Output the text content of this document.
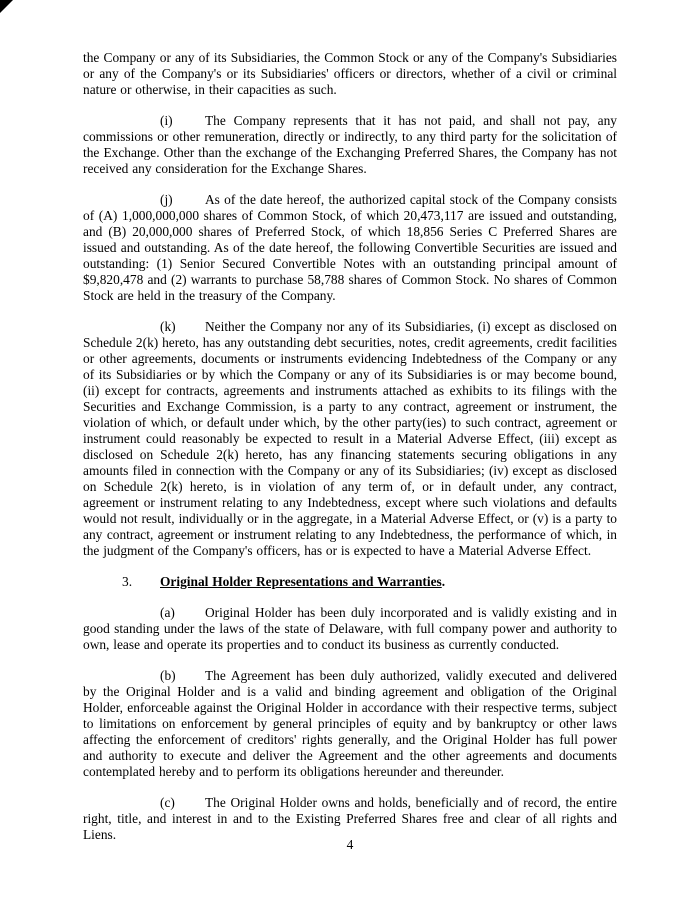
the Company or any of its Subsidiaries, the Common Stock or any of the Company's Subsidiaries or any of the Company's or its Subsidiaries' officers or directors, whether of a civil or criminal nature or otherwise, in their capacities as such.

(i) The Company represents that it has not paid, and shall not pay, any commissions or other remuneration, directly or indirectly, to any third party for the solicitation of the Exchange. Other than the exchange of the Exchanging Preferred Shares, the Company has not received any consideration for the Exchange Shares.

(j) As of the date hereof, the authorized capital stock of the Company consists of (A) 1,000,000,000 shares of Common Stock, of which 20,473,117 are issued and outstanding, and (B) 20,000,000 shares of Preferred Stock, of which 18,856 Series C Preferred Shares are issued and outstanding. As of the date hereof, the following Convertible Securities are issued and outstanding: (1) Senior Secured Convertible Notes with an outstanding principal amount of $9,820,478 and (2) warrants to purchase 58,788 shares of Common Stock. No shares of Common Stock are held in the treasury of the Company.

(k) Neither the Company nor any of its Subsidiaries, (i) except as disclosed on Schedule 2(k) hereto, has any outstanding debt securities, notes, credit agreements, credit facilities or other agreements, documents or instruments evidencing Indebtedness of the Company or any of its Subsidiaries or by which the Company or any of its Subsidiaries is or may become bound, (ii) except for contracts, agreements and instruments attached as exhibits to its filings with the Securities and Exchange Commission, is a party to any contract, agreement or instrument, the violation of which, or default under which, by the other party(ies) to such contract, agreement or instrument could reasonably be expected to result in a Material Adverse Effect, (iii) except as disclosed on Schedule 2(k) hereto, has any financing statements securing obligations in any amounts filed in connection with the Company or any of its Subsidiaries; (iv) except as disclosed on Schedule 2(k) hereto, is in violation of any term of, or in default under, any contract, agreement or instrument relating to any Indebtedness, except where such violations and defaults would not result, individually or in the aggregate, in a Material Adverse Effect, or (v) is a party to any contract, agreement or instrument relating to any Indebtedness, the performance of which, in the judgment of the Company's officers, has or is expected to have a Material Adverse Effect.

3. Original Holder Representations and Warranties.

(a) Original Holder has been duly incorporated and is validly existing and in good standing under the laws of the state of Delaware, with full company power and authority to own, lease and operate its properties and to conduct its business as currently conducted.

(b) The Agreement has been duly authorized, validly executed and delivered by the Original Holder and is a valid and binding agreement and obligation of the Original Holder, enforceable against the Original Holder in accordance with their respective terms, subject to limitations on enforcement by general principles of equity and by bankruptcy or other laws affecting the enforcement of creditors' rights generally, and the Original Holder has full power and authority to execute and deliver the Agreement and the other agreements and documents contemplated hereby and to perform its obligations hereunder and thereunder.

(c) The Original Holder owns and holds, beneficially and of record, the entire right, title, and interest in and to the Existing Preferred Shares free and clear of all rights and Liens.

4
